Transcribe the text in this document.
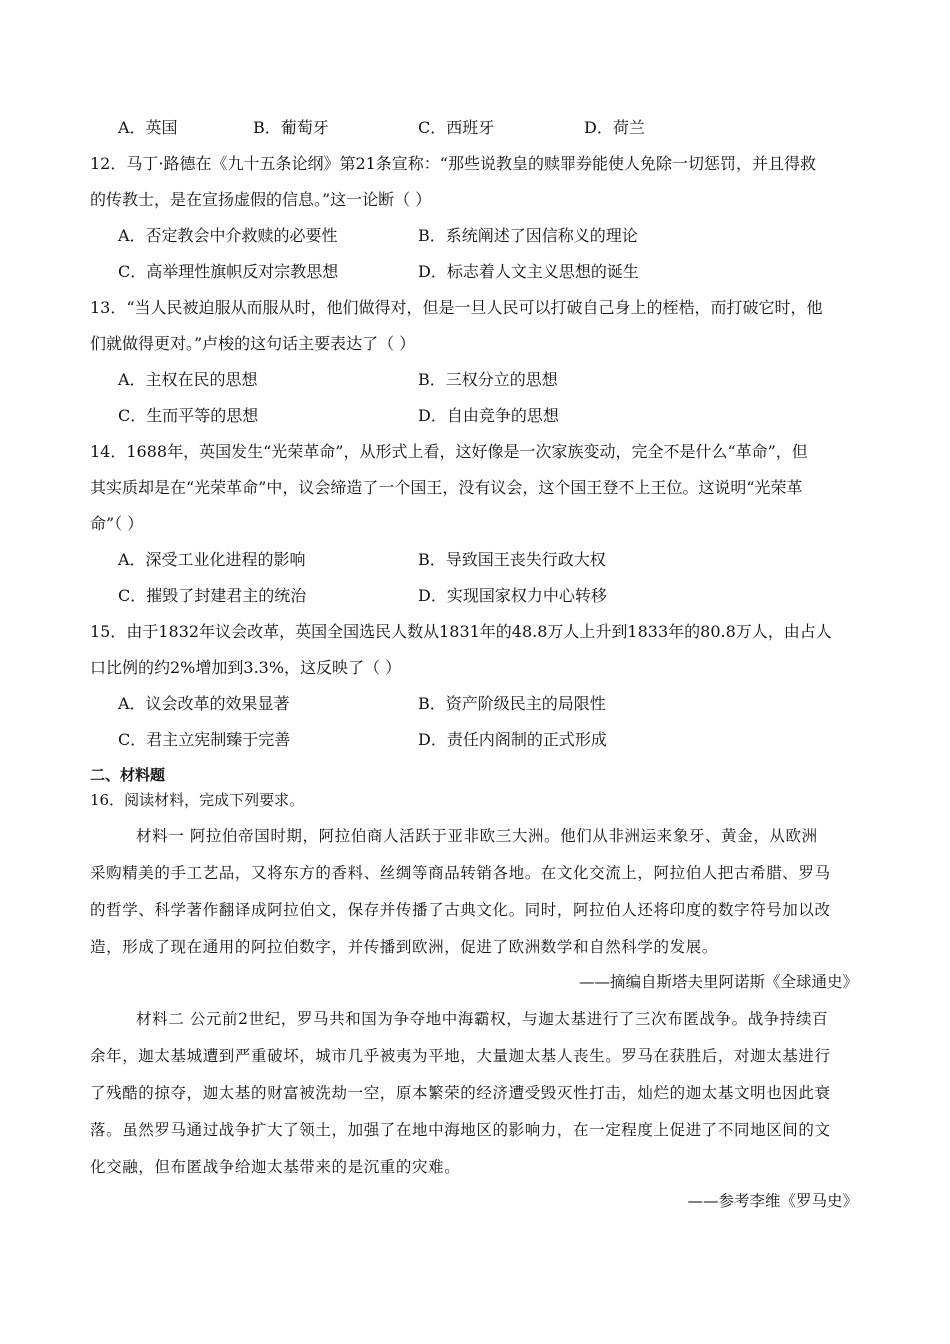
A．英国	B．葡萄牙	C．西班牙	D．荷兰
12．马丁·路德在《九十五条论纲》第21条宣称：“那些说教皇的赎罪券能使人免除一切惩罚，并且得救
的传教士，是在宣扬虚假的信息。”这一论断（ ）
A．否定教会中介救赎的必要性	B．系统阐述了因信称义的理论
C．高举理性旗帜反对宗教思想	D．标志着人文主义思想的诞生
13．“当人民被迫服从而服从时，他们做得对，但是一旦人民可以打破自己身上的桎梏，而打破它时，他
们就做得更对。”卢梭的这句话主要表达了（ ）
A．主权在民的思想	B．三权分立的思想
C．生而平等的思想	D．自由竞争的思想
14．1688年，英国发生“光荣革命”，从形式上看，这好像是一次家族变动，完全不是什么“革命”，但
其实质却是在“光荣革命”中，议会缔造了一个国王，没有议会，这个国王登不上王位。这说明“光荣革
命”（ ）
A．深受工业化进程的影响	B．导致国王丧失行政大权
C．摧毁了封建君主的统治	D．实现国家权力中心转移
15．由于1832年议会改革，英国全国选民人数从1831年的48.8万人上升到1833年的80.8万人，由占人
口比例的约2%增加到3.3%，这反映了（ ）
A．议会改革的效果显著	B．资产阶级民主的局限性
C．君主立宪制臻于完善	D．责任内阁制的正式形成
二、材料题
16．阅读材料，完成下列要求。
材料一 阿拉伯帝国时期，阿拉伯商人活跃于亚非欧三大洲。他们从非洲运来象牙、黄金，从欧洲
采购精美的手工艺品，又将东方的香料、丝绸等商品转销各地。在文化交流上，阿拉伯人把古希腊、罗马
的哲学、科学著作翻译成阿拉伯文，保存并传播了古典文化。同时，阿拉伯人还将印度的数字符号加以改
造，形成了现在通用的阿拉伯数字，并传播到欧洲，促进了欧洲数学和自然科学的发展。
——摘编自斯塔夫里阿诺斯《全球通史》
材料二 公元前2世纪，罗马共和国为争夺地中海霸权，与迦太基进行了三次布匿战争。战争持续百
余年，迦太基城遭到严重破坏，城市几乎被夷为平地，大量迦太基人丧生。罗马在获胜后，对迦太基进行
了残酷的掠夺，迦太基的财富被洗劫一空，原本繁荣的经济遭受毁灭性打击，灿烂的迦太基文明也因此衰
落。虽然罗马通过战争扩大了领土，加强了在地中海地区的影响力，在一定程度上促进了不同地区间的文
化交融，但布匿战争给迦太基带来的是沉重的灾难。
——参考李维《罗马史》
